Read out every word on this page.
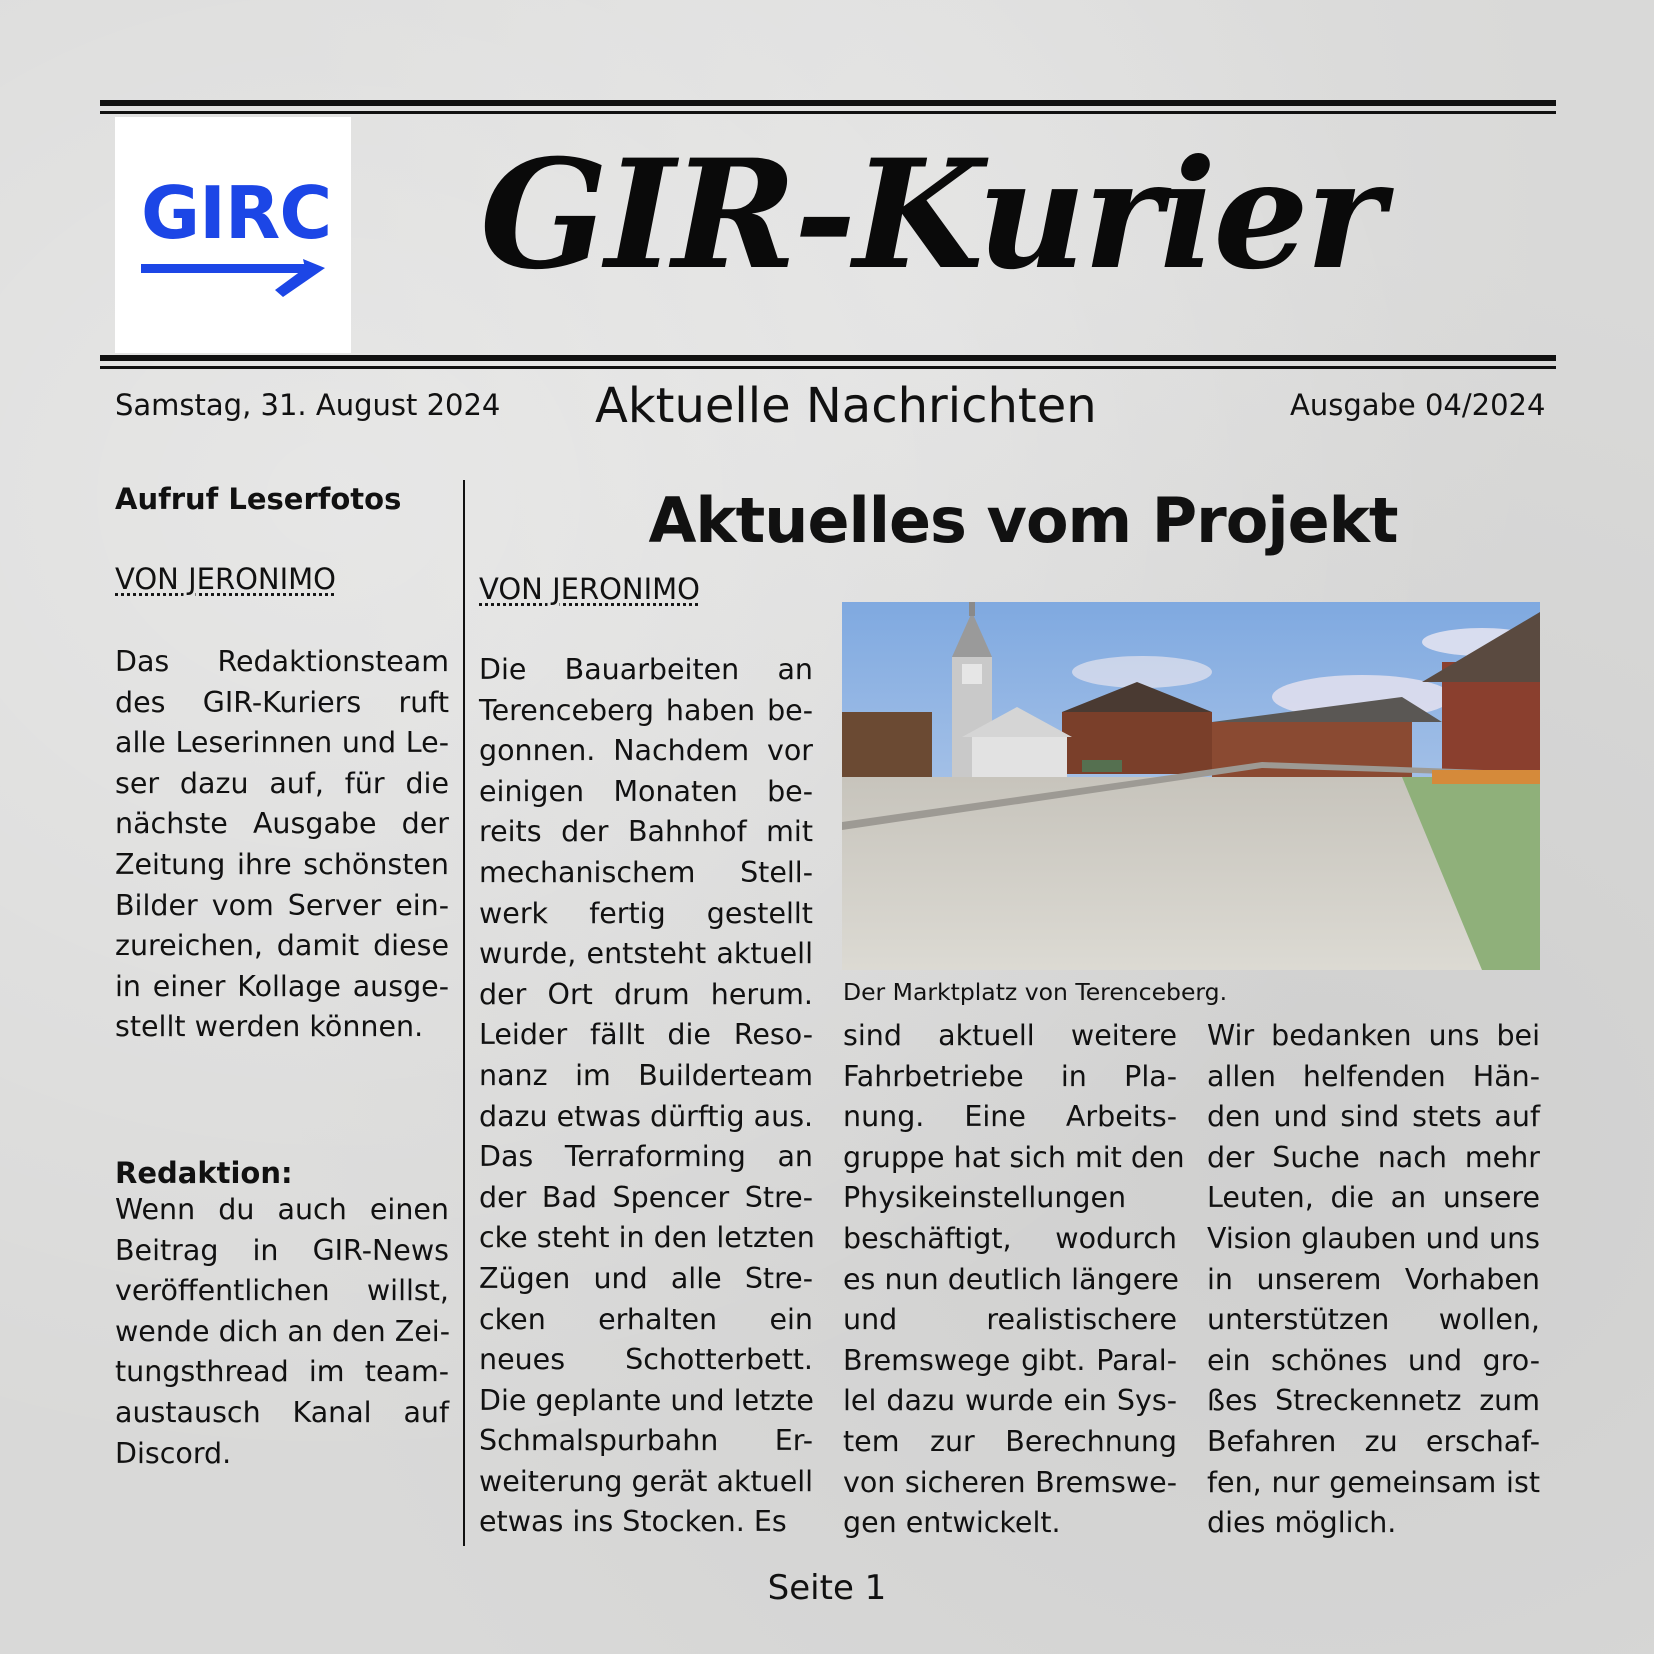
GIRC GIR-Kurier
Samstag, 31. August 2024 Aktuelle Nachrichten	Ausgabe 04/2024

Aufruf Leserfotos

VON JERONIMO

Das Redaktionsteam

des GIR-Kuriers ruft

alle Leserinnen und Le-

ser dazu auf, für die

nächste Ausgabe der

Zeitung ihre schönsten

Bilder vom Server ein-

zureichen, damit diese

in einer Kollage ausge-

stellt werden können.

Redaktion:

Wenn du auch einen

Beitrag in GIR-News

veröffentlichen willst,

wende dich an den Zei-

tungsthread im team-

austausch Kanal auf

Discord.

Aktuelles vom Projekt

VON JERONIMO

Die Bauarbeiten an

Terenceberg haben be-

gonnen. Nachdem vor

einigen Monaten be-

reits der Bahnhof mit

mechanischem Stell-

werk fertig gestellt

wurde, entsteht aktuell

der Ort drum herum.

Leider fällt die Reso-

nanz im Builderteam

dazu etwas dürftig aus.

Das Terraforming an

der Bad Spencer Stre-

cke steht in den letzten

Zügen und alle Stre-

cken erhalten ein

neues Schotterbett.

Die geplante und letzte

Schmalspurbahn Er-

weiterung gerät aktuell

etwas ins Stocken. Es

Der Marktplatz von Terenceberg.

sind aktuell weitere

Fahrbetriebe in Pla-

nung. Eine Arbeits-

gruppe hat sich mit den

Physikeinstellungen

beschäftigt, wodurch

es nun deutlich längere

und realistischere

Bremswege gibt. Paral-

lel dazu wurde ein Sys-

tem zur Berechnung

von sicheren Bremswe-

gen entwickelt.

Wir bedanken uns bei

allen helfenden Hän-

den und sind stets auf

der Suche nach mehr

Leuten, die an unsere

Vision glauben und uns

in unserem Vorhaben

unterstützen wollen,

ein schönes und gro-

ßes Streckennetz zum

Befahren zu erschaf-

fen, nur gemeinsam ist

dies möglich.

Seite 1
